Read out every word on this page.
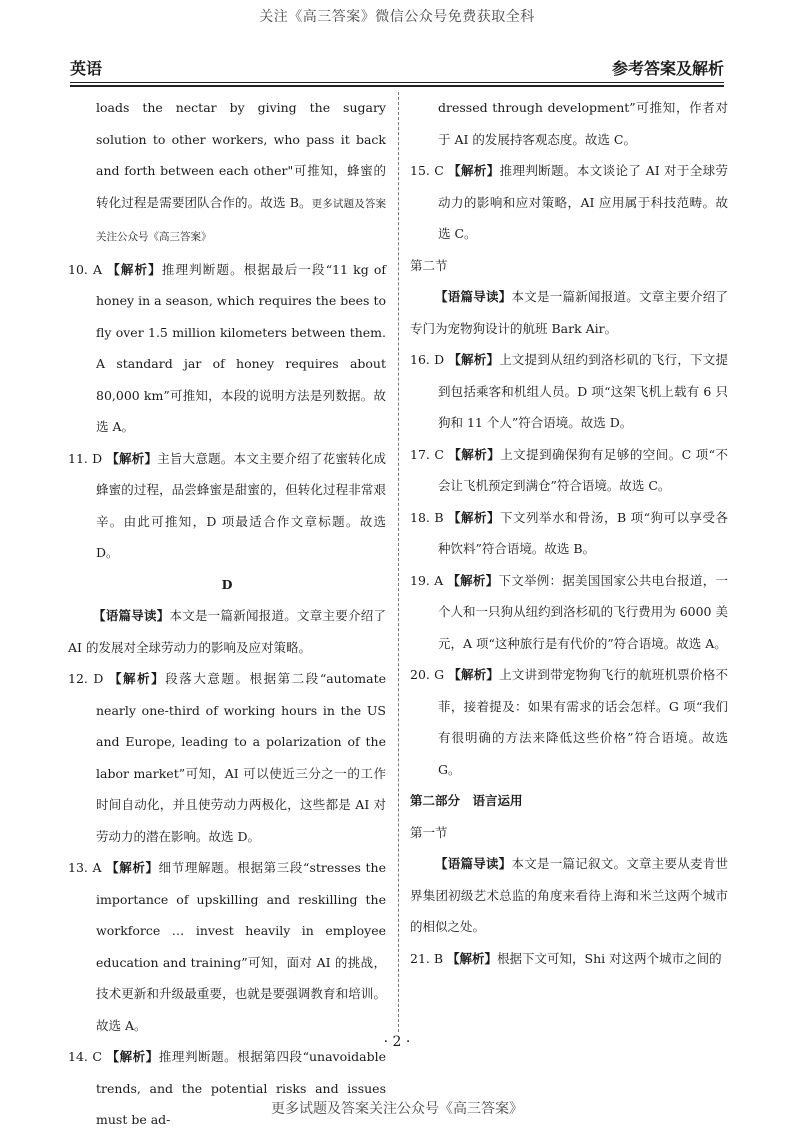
关注《高三答案》微信公众号免费获取全科
英语	参考答案及解析

loads the nectar by giving the sugary solution to other workers, who pass it back and forth between each other"可推知，蜂蜜的转化过程是需要团队合作的。故选 B。更多试题及答案关注公众号《高三答案》

10. A 【解析】推理判断题。根据最后一段“11 kg of honey in a season, which requires the bees to fly over 1.5 million kilometers between them. A standard jar of honey requires about 80,000 km”可推知，本段的说明方法是列数据。故选 A。

11. D 【解析】主旨大意题。本文主要介绍了花蜜转化成蜂蜜的过程，品尝蜂蜜是甜蜜的，但转化过程非常艰辛。由此可推知，D 项最适合作文章标题。故选 D。

D

【语篇导读】本文是一篇新闻报道。文章主要介绍了 AI 的发展对全球劳动力的影响及应对策略。

12. D 【解析】段落大意题。根据第二段“automate nearly one-third of working hours in the US and Europe, leading to a polarization of the labor market”可知，AI 可以使近三分之一的工作时间自动化，并且使劳动力两极化，这些都是 AI 对劳动力的潜在影响。故选 D。

13. A 【解析】细节理解题。根据第三段“stresses the importance of upskilling and reskilling the workforce … invest heavily in employee education and training”可知，面对 AI 的挑战，技术更新和升级最重要，也就是要强调教育和培训。故选 A。

14. C 【解析】推理判断题。根据第四段“unavoidable trends, and the potential risks and issues must be ad-

dressed through development”可推知，作者对于 AI 的发展持客观态度。故选 C。

15. C 【解析】推理判断题。本文谈论了 AI 对于全球劳动力的影响和应对策略，AI 应用属于科技范畴。故选 C。

第二节

【语篇导读】本文是一篇新闻报道。文章主要介绍了专门为宠物狗设计的航班 Bark Air。

16. D 【解析】上文提到从纽约到洛杉矶的飞行，下文提到包括乘客和机组人员。D 项“这架飞机上载有 6 只狗和 11 个人”符合语境。故选 D。

17. C 【解析】上文提到确保狗有足够的空间。C 项“不会让飞机预定到满仓”符合语境。故选 C。

18. B 【解析】下文列举水和骨汤，B 项“狗可以享受各种饮料”符合语境。故选 B。

19. A 【解析】下文举例：据美国国家公共电台报道，一个人和一只狗从纽约到洛杉矶的飞行费用为 6000 美元，A 项“这种旅行是有代价的”符合语境。故选 A。

20. G 【解析】上文讲到带宠物狗飞行的航班机票价格不菲，接着提及：如果有需求的话会怎样。G 项“我们有很明确的方法来降低这些价格”符合语境。故选 G。

第二部分　语言运用

第一节

【语篇导读】本文是一篇记叙文。文章主要从麦肯世界集团初级艺术总监的角度来看待上海和米兰这两个城市的相似之处。

21. B 【解析】根据下文可知，Shi 对这两个城市之间的

· 2 ·
更多试题及答案关注公众号《高三答案》
